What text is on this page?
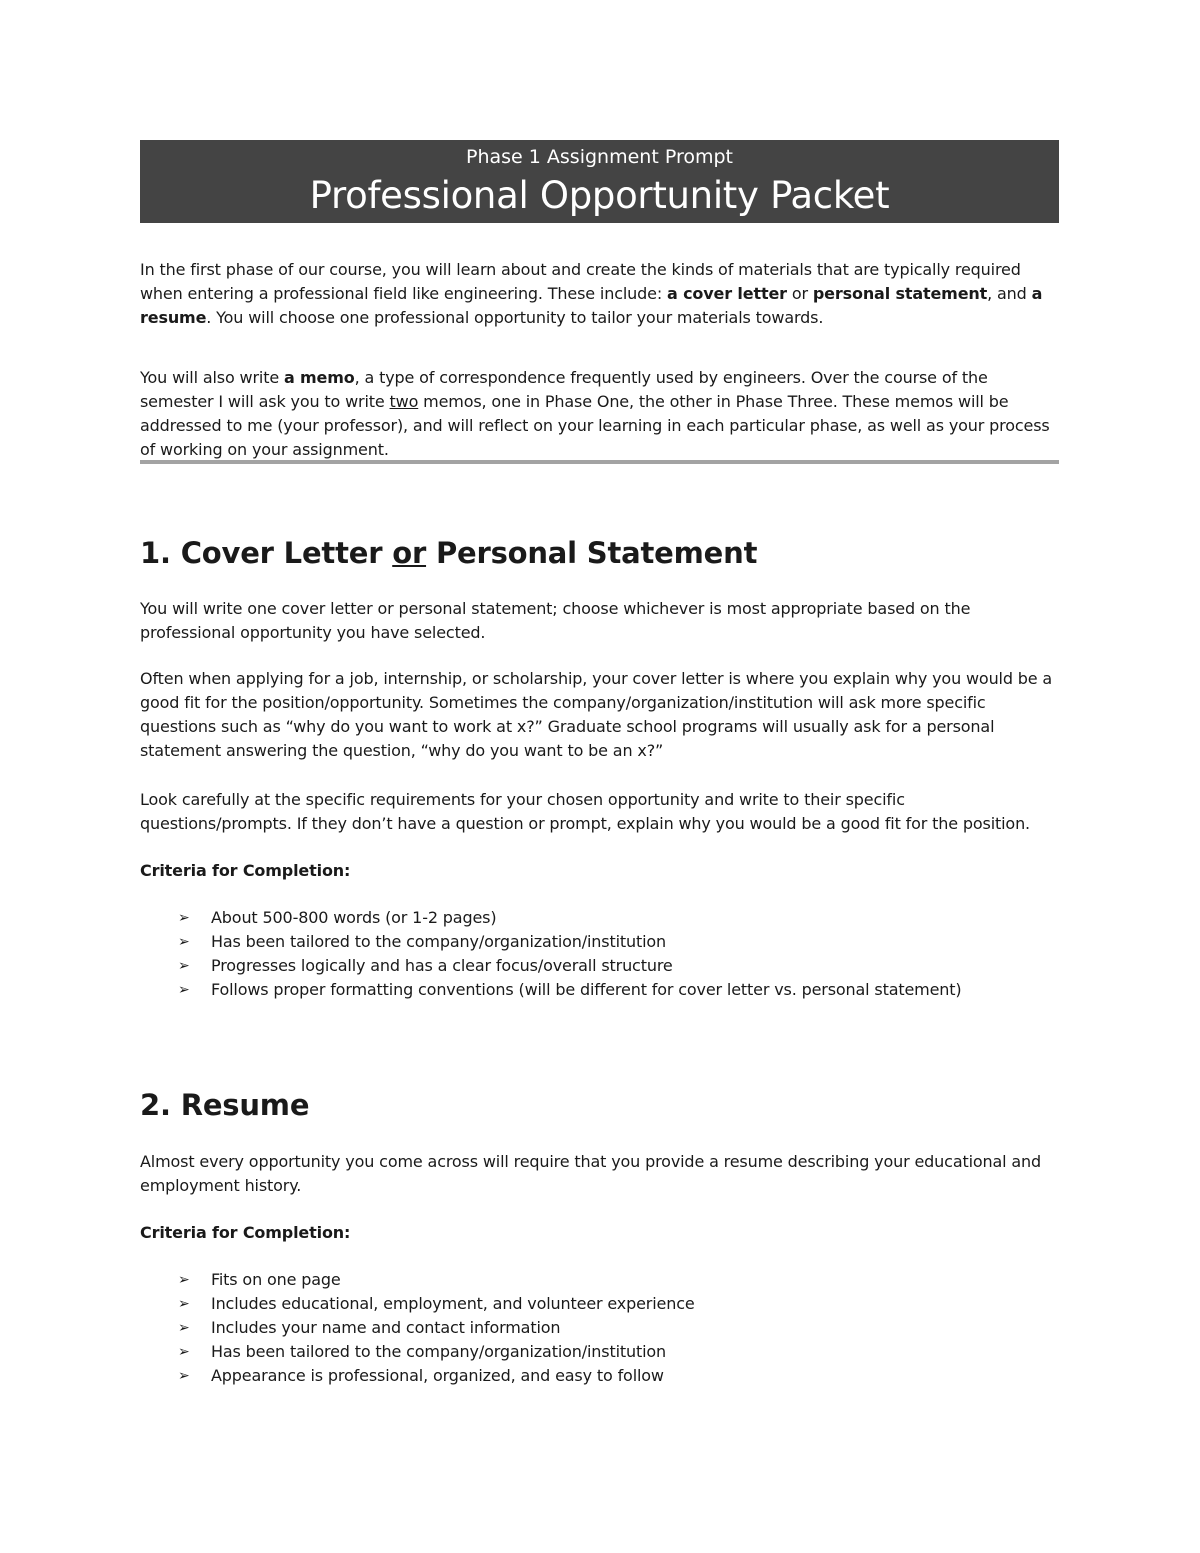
Phase 1 Assignment Prompt
Professional Opportunity Packet

In the first phase of our course, you will learn about and create the kinds of materials that are typically required when entering a professional field like engineering. These include: a cover letter or personal statement, and a resume. You will choose one professional opportunity to tailor your materials towards.

You will also write a memo, a type of correspondence frequently used by engineers. Over the course of the semester I will ask you to write two memos, one in Phase One, the other in Phase Three. These memos will be addressed to me (your professor), and will reflect on your learning in each particular phase, as well as your process of working on your assignment.

1. Cover Letter or Personal Statement

You will write one cover letter or personal statement; choose whichever is most appropriate based on the professional opportunity you have selected.

Often when applying for a job, internship, or scholarship, your cover letter is where you explain why you would be a good fit for the position/opportunity. Sometimes the company/organization/institution will ask more specific questions such as “why do you want to work at x?” Graduate school programs will usually ask for a personal statement answering the question, “why do you want to be an x?”

Look carefully at the specific requirements for your chosen opportunity and write to their specific questions/prompts. If they don’t have a question or prompt, explain why you would be a good fit for the position.

Criteria for Completion:
➢ About 500-800 words (or 1-2 pages)
➢ Has been tailored to the company/organization/institution
➢ Progresses logically and has a clear focus/overall structure
➢ Follows proper formatting conventions (will be different for cover letter vs. personal statement)
2. Resume

Almost every opportunity you come across will require that you provide a resume describing your educational and employment history.

Criteria for Completion:
➢ Fits on one page
➢ Includes educational, employment, and volunteer experience
➢ Includes your name and contact information
➢ Has been tailored to the company/organization/institution
➢ Appearance is professional, organized, and easy to follow
